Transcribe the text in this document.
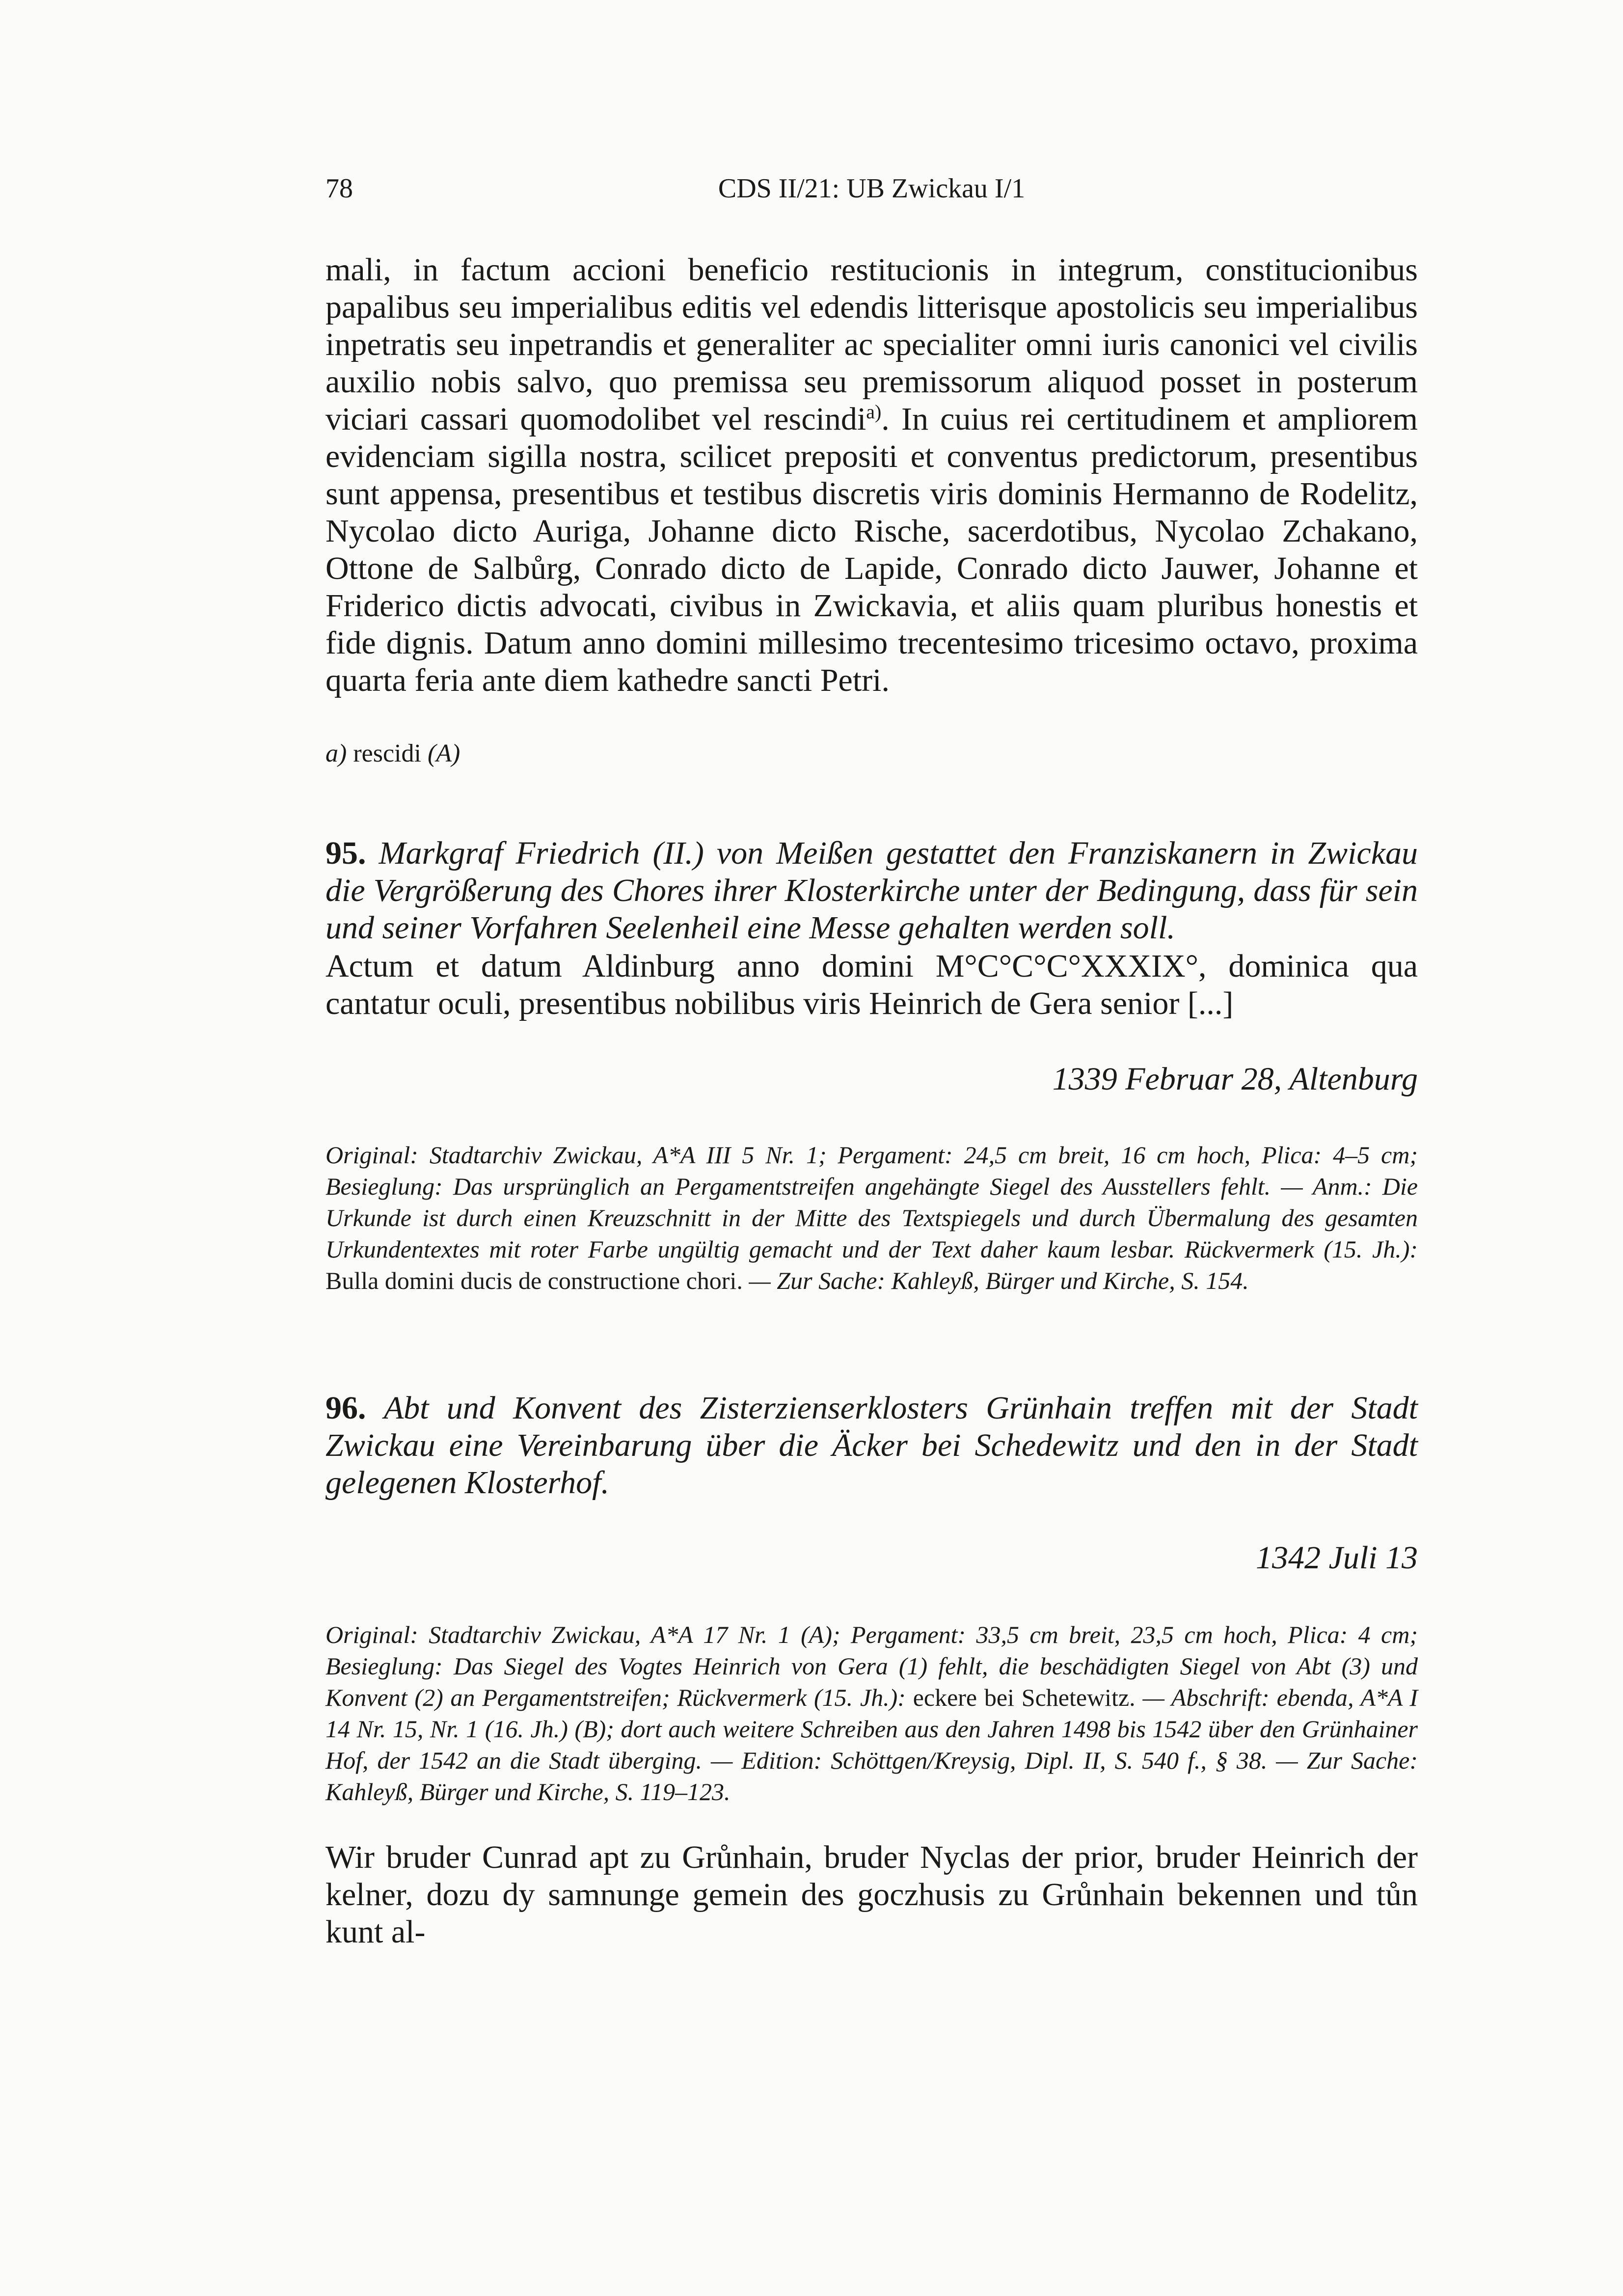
78	CDS II/21: UB Zwickau I/1

mali, in factum accioni beneficio restitucionis in integrum, constitucionibus papalibus seu imperialibus editis vel edendis litterisque apostolicis seu imperialibus inpetratis seu inpetrandis et generaliter ac specialiter omni iuris canonici vel civilis auxilio nobis salvo, quo premissa seu premissorum aliquod posset in posterum viciari cassari quomodolibet vel rescindi$^{a)}$. In cuius rei certitudinem et ampliorem evidenciam sigilla nostra, scilicet prepositi et conventus predictorum, presentibus sunt appensa, presentibus et testibus discretis viris dominis Hermanno de Rodelitz, Nycolao dicto Auriga, Johanne dicto Rische, sacerdotibus, Nycolao Zchakano, Ottone de Salbůrg, Conrado dicto de Lapide, Conrado dicto Jauwer, Johanne et Friderico dictis advocati, civibus in Zwickavia, et aliis quam pluribus honestis et fide dignis. Datum anno domini millesimo trecentesimo tricesimo octavo, proxima quarta feria ante diem kathedre sancti Petri.

a) rescidi (A)

95. Markgraf Friedrich (II.) von Meißen gestattet den Franziskanern in Zwickau die Vergrößerung des Chores ihrer Klosterkirche unter der Bedingung, dass für sein und seiner Vorfahren Seelenheil eine Messe gehalten werden soll.

Actum et datum Aldinburg anno domini M°C°C°C°XXXIX°, dominica qua cantatur oculi, presentibus nobilibus viris Heinrich de Gera senior [...]

1339 Februar 28, Altenburg

Original: Stadtarchiv Zwickau, A*A III 5 Nr. 1; Pergament: 24,5 cm breit, 16 cm hoch, Plica: 4–5 cm; Besieglung: Das ursprünglich an Pergamentstreifen angehängte Siegel des Ausstellers fehlt. — Anm.: Die Urkunde ist durch einen Kreuzschnitt in der Mitte des Textspiegels und durch Übermalung des gesamten Urkundentextes mit roter Farbe ungültig gemacht und der Text daher kaum lesbar. Rückvermerk (15. Jh.): Bulla domini ducis de constructione chori. — Zur Sache: Kahleyß, Bürger und Kirche, S. 154.

96. Abt und Konvent des Zisterzienserklosters Grünhain treffen mit der Stadt Zwickau eine Vereinbarung über die Äcker bei Schedewitz und den in der Stadt gelegenen Klosterhof.

1342 Juli 13

Original: Stadtarchiv Zwickau, A*A 17 Nr. 1 (A); Pergament: 33,5 cm breit, 23,5 cm hoch, Plica: 4 cm; Besieglung: Das Siegel des Vogtes Heinrich von Gera (1) fehlt, die beschädigten Siegel von Abt (3) und Konvent (2) an Pergamentstreifen; Rückvermerk (15. Jh.): eckere bei Schetewitz. — Abschrift: ebenda, A*A I 14 Nr. 15, Nr. 1 (16. Jh.) (B); dort auch weitere Schreiben aus den Jahren 1498 bis 1542 über den Grünhainer Hof, der 1542 an die Stadt überging. — Edition: Schöttgen/Kreysig, Dipl. II, S. 540 f., § 38. — Zur Sache: Kahleyß, Bürger und Kirche, S. 119–123.

Wir bruder Cunrad apt zu Grůnhain, bruder Nyclas der prior, bruder Heinrich der kelner, dozu dy samnunge gemein des goczhusis zu Grůnhain bekennen und tůn kunt al-
